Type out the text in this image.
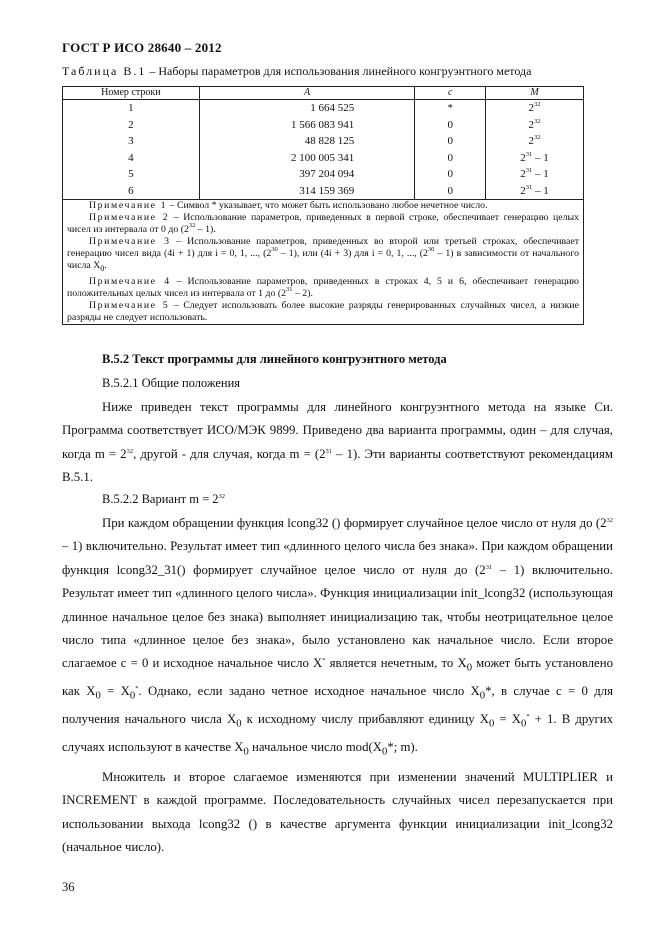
ГОСТ Р ИСО 28640 – 2012
Таблица В.1 – Наборы параметров для использования линейного конгруэнтного метода
Номер строки	A	c	M
1	1 664 525	*	$2^{32}$
2	1 566 083 941	0	$2^{32}$
3	48 828 125	0	$2^{32}$
4	2 100 005 341	0	$2^{31} - 1$
5	397 204 094	0	$2^{31} - 1$
6	314 159 369	0	$2^{31} - 1$

Примечание 1 – Символ * указывает, что может быть использовано любое нечетное число.

Примечание 2 – Использование параметров, приведенных в первой строке, обеспечивает генерацию целых чисел из интервала от 0 до $(2^{32} - 1)$.

Примечание 3 – Использование параметров, приведенных во второй или третьей строках, обеспечивает генерацию чисел вида (4i + 1) для i = 0, 1, ..., $(2^{30} - 1)$, или (4i + 3) для i = 0, 1, ..., $(2^{30} - 1)$ в зависимости от начального числа $X_0$.

Примечание 4 – Использование параметров, приведенных в строках 4, 5 и 6, обеспечивает генерацию положительных целых чисел из интервала от 1 до $(2^{31} - 2)$.

Примечание 5 – Следует использовать более высокие разряды генерированных случайных чисел, а низкие разряды не следует использовать.			

В.5.2 Текст программы для линейного конгруэнтного метода
В.5.2.1 Общие положения

Ниже приведен текст программы для линейного конгруэнтного метода на языке Си. Программа соответствует ИСО/МЭК 9899. Приведено два варианта программы, один – для случая, когда $m = 2^{32}$, другой - для случая, когда $m = (2^{31} - 1)$. Эти варианты соответствуют рекомендациям В.5.1.

В.5.2.2 Вариант $m = 2^{32}$

При каждом обращении функция lcong32 () формирует случайное целое число от нуля до $(2^{32} - 1)$ включительно. Результат имеет тип «длинного целого числа без знака». При каждом обращении функция lcong32_31() формирует случайное целое число от нуля до $(2^{31} - 1)$ включительно. Результат имеет тип «длинного целого числа». Функция инициализации init_lcong32 (использующая длинное начальное целое без знака) выполняет инициализацию так, чтобы неотрицательное целое число типа «длинное целое без знака», было установлено как начальное число. Если второе слагаемое c = 0 и исходное начальное число X* является нечетным, то $X_0$ может быть установлено как $X_0 = X_0^*$. Однако, если задано четное исходное начальное число $X_0*$, в случае c = 0 для получения начального числа $X_0$ к исходному числу прибавляют единицу $X_0 = X_0^* + 1$. В других случаях используют в качестве $X_0$ начальное число $mod(X_0*$; m).

Множитель и второе слагаемое изменяются при изменении значений MULTIPLIER и INCREMENT в каждой программе. Последовательность случайных чисел перезапускается при использовании выхода lcong32 () в качестве аргумента функции инициализации init_lcong32 (начальное число).

36
